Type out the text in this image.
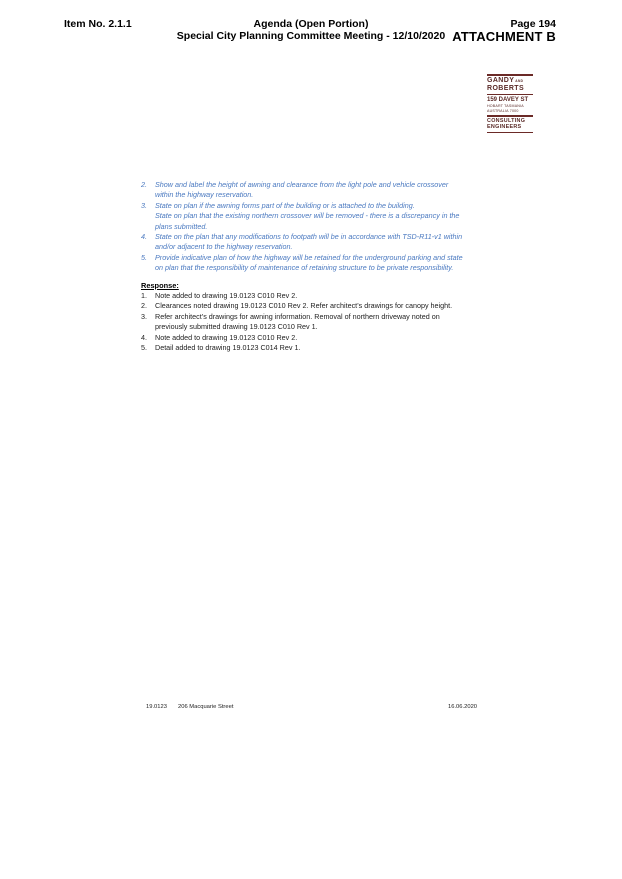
Item No. 2.1.1	Agenda (Open Portion)
Special City Planning Committee Meeting - 12/10/2020
Page 194
ATTACHMENT B
$GANDY^{AND}$
ROBERTS
159 DAVEY ST
HOBART TASMANIA
AUSTRALIA 7000
CONSULTING
ENGINEERS
2. Show and label the height of awning and clearance from the light pole and vehicle crossover
within the highway reservation.
3. State on plan if the awning forms part of the building or is attached to the building.
State on plan that the existing northern crossover will be removed - there is a discrepancy in the
plans submitted.
4. State on the plan that any modifications to footpath will be in accordance with TSD-R11-v1 within
and/or adjacent to the highway reservation.
5. Provide indicative plan of how the highway will be retained for the underground parking and state
on plan that the responsibility of maintenance of retaining structure to be private responsibility.
Response:
1. Note added to drawing 19.0123 C010 Rev 2.
2. Clearances noted drawing 19.0123 C010 Rev 2. Refer architect’s drawings for canopy height.
3. Refer architect’s drawings for awning information. Removal of northern driveway noted on
previously submitted drawing 19.0123 C010 Rev 1.
4. Note added to drawing 19.0123 C010 Rev 2.
5. Detail added to drawing 19.0123 C014 Rev 1.
19.0123 206 Macquarie Street	16.06.2020
